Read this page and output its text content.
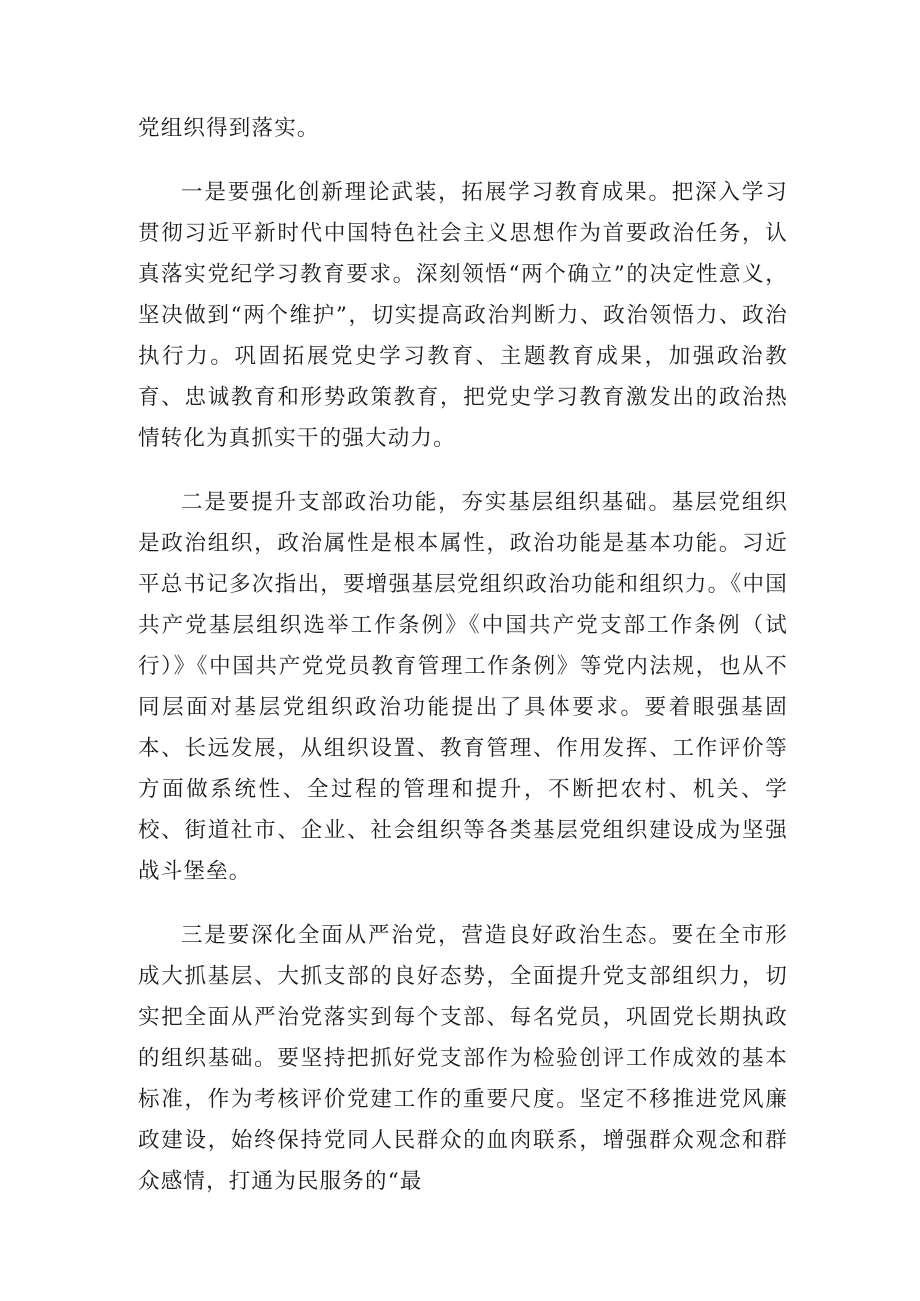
党组织得到落实。

一是要强化创新理论武装，拓展学习教育成果。把深入学习贯彻习近平新时代中国特色社会主义思想作为首要政治任务，认真落实党纪学习教育要求。深刻领悟“两个确立”的决定性意义，坚决做到“两个维护”，切实提高政治判断力、政治领悟力、政治执行力。巩固拓展党史学习教育、主题教育成果，加强政治教育、忠诚教育和形势政策教育，把党史学习教育激发出的政治热情转化为真抓实干的强大动力。

二是要提升支部政治功能，夯实基层组织基础。基层党组织是政治组织，政治属性是根本属性，政治功能是基本功能。习近平总书记多次指出，要增强基层党组织政治功能和组织力。《中国共产党基层组织选举工作条例》《中国共产党支部工作条例（试行）》《中国共产党党员教育管理工作条例》等党内法规，也从不同层面对基层党组织政治功能提出了具体要求。要着眼强基固本、长远发展，从组织设置、教育管理、作用发挥、工作评价等方面做系统性、全过程的管理和提升，不断把农村、机关、学校、街道社市、企业、社会组织等各类基层党组织建设成为坚强战斗堡垒。

三是要深化全面从严治党，营造良好政治生态。要在全市形成大抓基层、大抓支部的良好态势，全面提升党支部组织力，切实把全面从严治党落实到每个支部、每名党员，巩固党长期执政的组织基础。要坚持把抓好党支部作为检验创评工作成效的基本标准，作为考核评价党建工作的重要尺度。坚定不移推进党风廉政建设，始终保持党同人民群众的血肉联系，增强群众观念和群众感情，打通为民服务的“最
